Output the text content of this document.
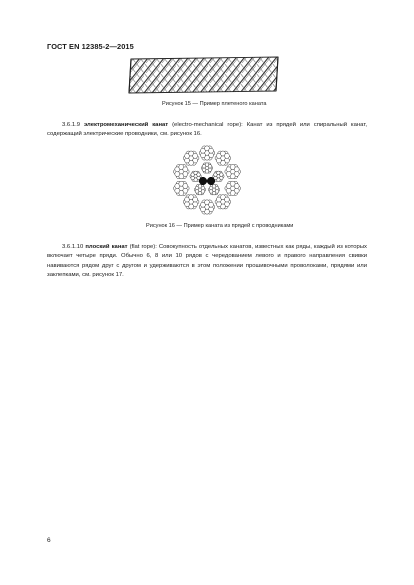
ГОСТ EN 12385-2—2015
Рисунок 15 — Пример плетеного каната
3.6.1.9 электромеханический канат (electro-mechanical rope): Канат из прядей или спиральный канат, содержащий электрические проводники, см. рисунок 16.
Рисунок 16 — Пример каната из прядей с проводниками
3.6.1.10 плоский канат (flat rope): Совокупность отдельных канатов, известных как ряды, каждый из которых включает четыре пряди. Обычно 6, 8 или 10 рядов с чередованием левого и правого направления свивки навиваются рядом друг с другом и удерживаются в этом положении прошивочными проволоками, прядями или заклепками, см. рисунок 17.
6
